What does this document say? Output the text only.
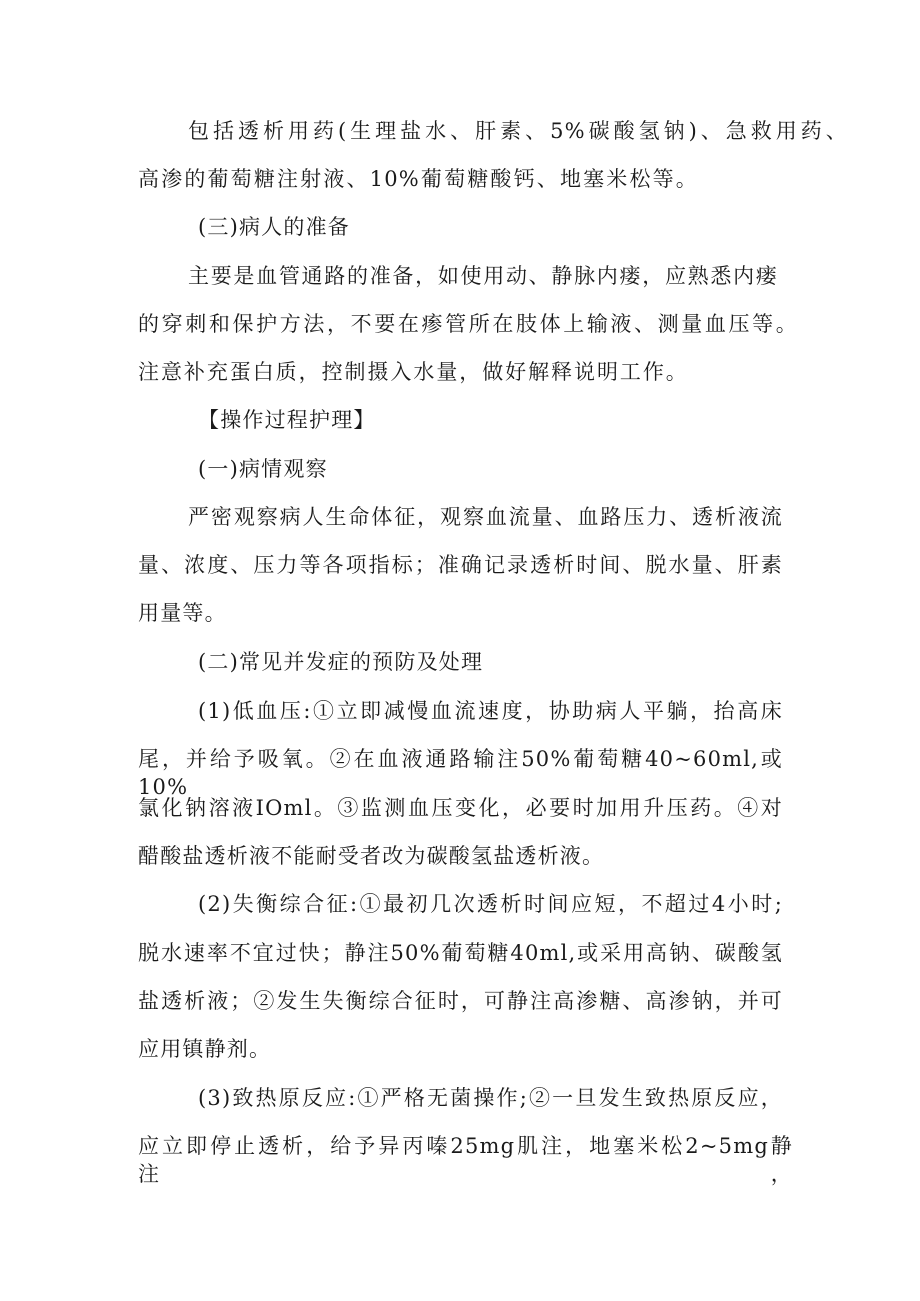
包括透析用药(生理盐水、肝素、5%碳酸氢钠)、急救用药、
高渗的葡萄糖注射液、10%葡萄糖酸钙、地塞米松等。
(三)病人的准备
主要是血管通路的准备，如使用动、静脉内瘘，应熟悉内瘘
的穿刺和保护方法，不要在瘆管所在肢体上输液、测量血压等。
注意补充蛋白质，控制摄入水量，做好解释说明工作。
【操作过程护理】
(一)病情观察
严密观察病人生命体征，观察血流量、血路压力、透析液流
量、浓度、压力等各项指标；准确记录透析时间、脱水量、肝素
用量等。
(二)常见并发症的预防及处理
(1)低血压:①立即减慢血流速度，协助病人平躺，抬高床
尾，并给予吸氧。②在血液通路输注50%葡萄糖40~60ml,或10%
氯化钠溶液IOml。③监测血压变化，必要时加用升压药。④对
醋酸盐透析液不能耐受者改为碳酸氢盐透析液。
(2)失衡综合征:①最初几次透析时间应短，不超过4小时;
脱水速率不宜过快；静注50%葡萄糖40ml,或采用高钠、碳酸氢
盐透析液；②发生失衡综合征时，可静注高渗糖、高渗钠，并可
应用镇静剂。
(3)致热原反应:①严格无菌操作;②一旦发生致热原反应，
应立即停止透析，给予异丙嗪25mg肌注，地塞米松2~5mg静注，
